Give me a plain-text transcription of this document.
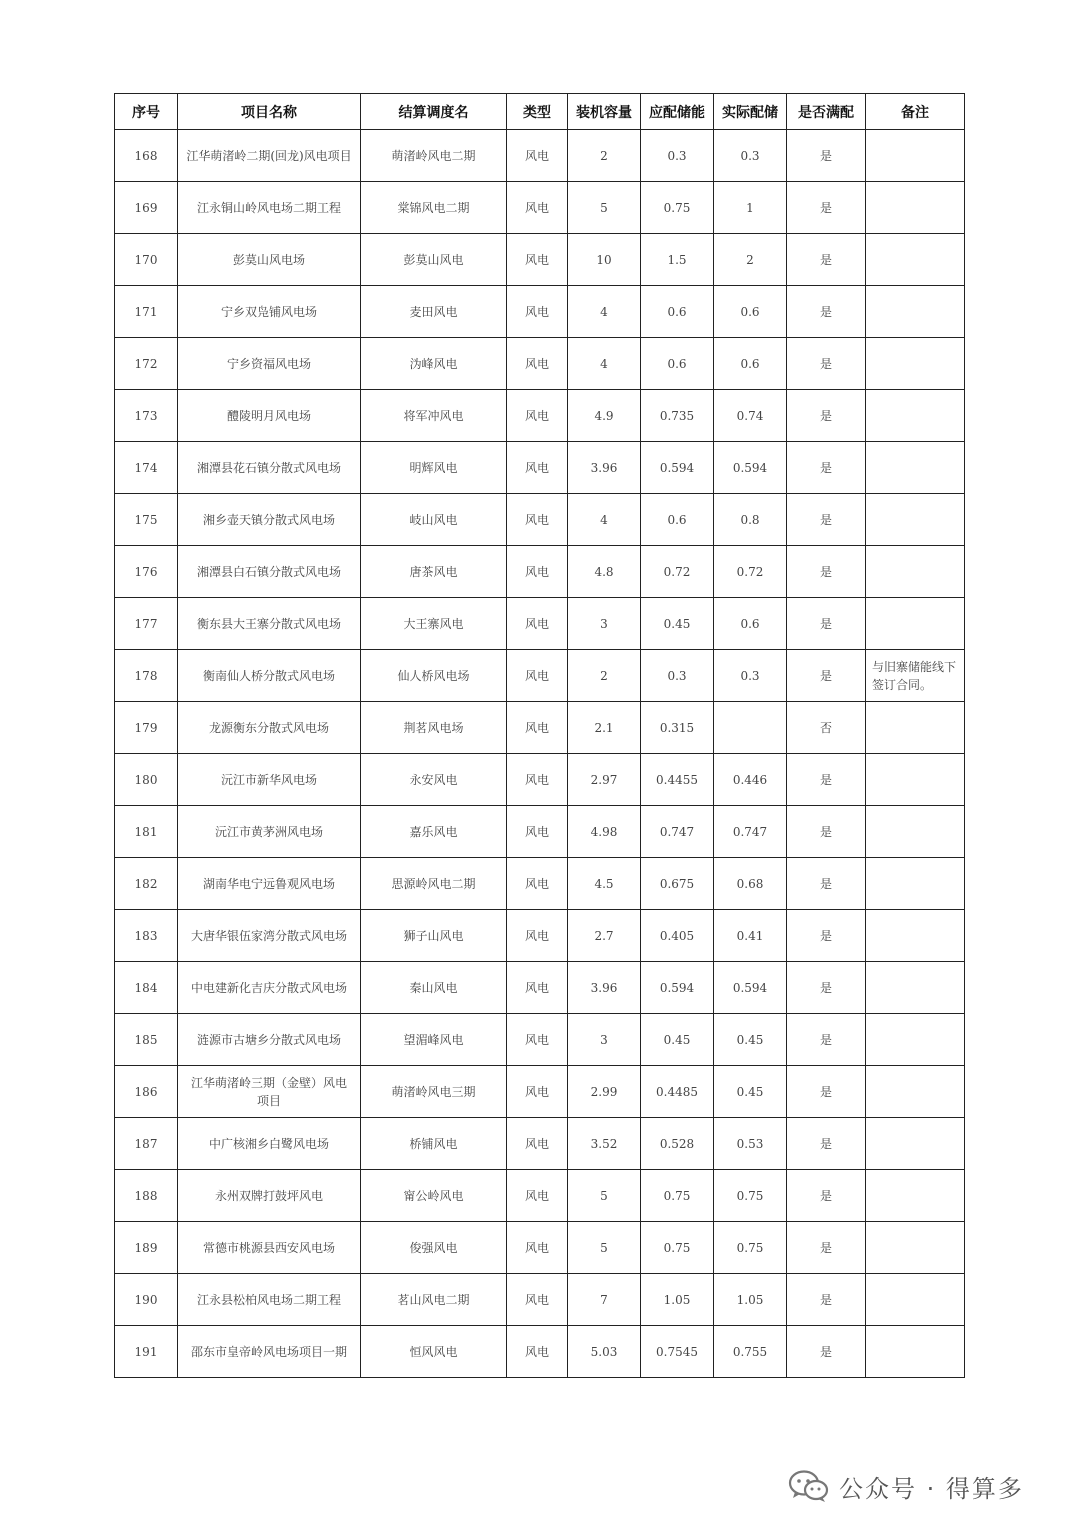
序号	项目名称	结算调度名	类型	装机容量	应配储能	实际配储	是否满配	备注
168	江华萌渚岭二期(回龙)风电项目	萌渚岭风电二期	风电	2	0.3	0.3	是	
169	江永铜山岭风电场二期工程	棠锦风电二期	风电	5	0.75	1	是	
170	彭莫山风电场	彭莫山风电	风电	10	1.5	2	是	
171	宁乡双凫铺风电场	麦田风电	风电	4	0.6	0.6	是	
172	宁乡资福风电场	沩峰风电	风电	4	0.6	0.6	是	
173	醴陵明月风电场	将军冲风电	风电	4.9	0.735	0.74	是	
174	湘潭县花石镇分散式风电场	明辉风电	风电	3.96	0.594	0.594	是	
175	湘乡壶天镇分散式风电场	岐山风电	风电	4	0.6	0.8	是	
176	湘潭县白石镇分散式风电场	唐茶风电	风电	4.8	0.72	0.72	是	
177	衡东县大王寨分散式风电场	大王寨风电	风电	3	0.45	0.6	是	
178	衡南仙人桥分散式风电场	仙人桥风电场	风电	2	0.3	0.3	是	与旧寨储能线下签订合同。
179	龙源衡东分散式风电场	荆茗风电场	风电	2.1	0.315		否	
180	沅江市新华风电场	永安风电	风电	2.97	0.4455	0.446	是	
181	沅江市黄茅洲风电场	嘉乐风电	风电	4.98	0.747	0.747	是	
182	湖南华电宁远鲁观风电场	思源岭风电二期	风电	4.5	0.675	0.68	是	
183	大唐华银伍家湾分散式风电场	狮子山风电	风电	2.7	0.405	0.41	是	
184	中电建新化吉庆分散式风电场	秦山风电	风电	3.96	0.594	0.594	是	
185	涟源市古塘乡分散式风电场	望湄峰风电	风电	3	0.45	0.45	是	
186	江华萌渚岭三期（金壁）风电项目	萌渚岭风电三期	风电	2.99	0.4485	0.45	是	
187	中广核湘乡白鹭风电场	桥铺风电	风电	3.52	0.528	0.53	是	
188	永州双牌打鼓坪风电	甯公岭风电	风电	5	0.75	0.75	是	
189	常德市桃源县西安风电场	俊强风电	风电	5	0.75	0.75	是	
190	江永县松柏风电场二期工程	茗山风电二期	风电	7	1.05	1.05	是	
191	邵东市皇帝岭风电场项目一期	恒风风电	风电	5.03	0.7545	0.755	是	
公众号 · 得算多
